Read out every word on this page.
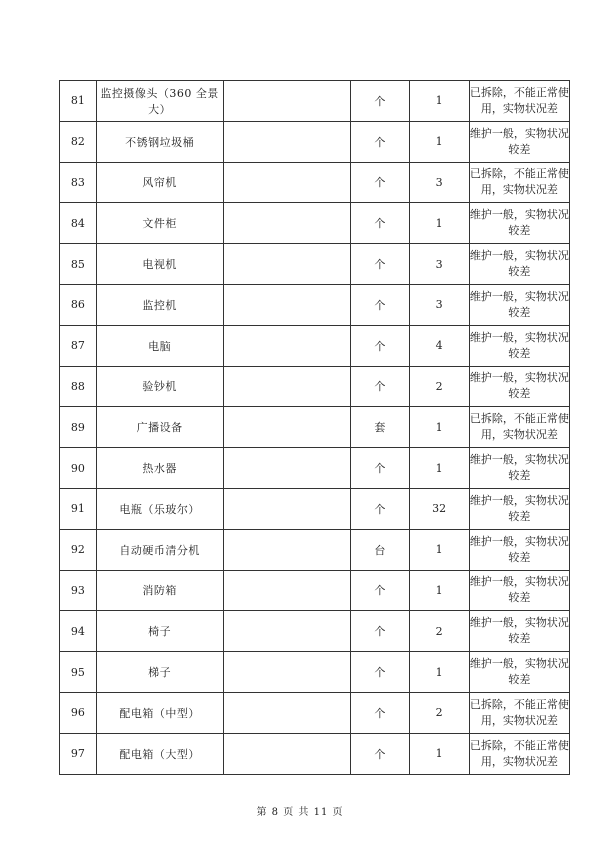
81	监控摄像头（360 全景大）		个	1	已拆除，不能正常使用，实物状况差
82	不锈钢垃圾桶		个	1	维护一般，实物状况较差
83	风帘机		个	3	已拆除，不能正常使用，实物状况差
84	文件柜		个	1	维护一般，实物状况较差
85	电视机		个	3	维护一般，实物状况较差
86	监控机		个	3	维护一般，实物状况较差
87	电脑		个	4	维护一般，实物状况较差
88	验钞机		个	2	维护一般，实物状况较差
89	广播设备		套	1	已拆除，不能正常使用，实物状况差
90	热水器		个	1	维护一般，实物状况较差
91	电瓶（乐玻尔）		个	32	维护一般，实物状况较差
92	自动硬币清分机		台	1	维护一般，实物状况较差
93	消防箱		个	1	维护一般，实物状况较差
94	椅子		个	2	维护一般，实物状况较差
95	梯子		个	1	维护一般，实物状况较差
96	配电箱（中型）		个	2	已拆除，不能正常使用，实物状况差
97	配电箱（大型）		个	1	已拆除，不能正常使用，实物状况差
第 8 页 共 11 页
